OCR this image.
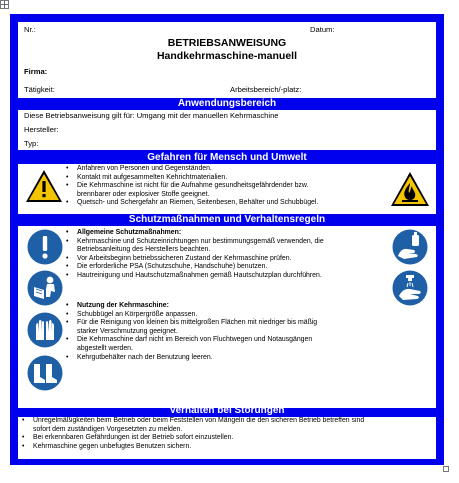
Nr.:	Datum:
BETRIEBSANWEISUNG
Handkehrmaschine-manuell
Firma:
Tätigkeit:	Arbeitsbereich/-platz:
Anwendungsbereich
Diese Betriebsanweisung gilt für: Umgang mit der manuellen Kehrmaschine
Hersteller:
Typ:
Gefahren für Mensch und Umwelt
• Anfahren von Personen und Gegenständen.
• Kontakt mit aufgesammelten Kehrichtmaterialien.
• Die Kehrmaschine ist nicht für die Aufnahme gesundheitsgefährdender bzw.
brennbarer oder explosiver Stoffe geeignet.
• Quetsch- und Schergefahr an Riemen, Seitenbesen, Behälter und Schubbügel.
Schutzmaßnahmen und Verhaltensregeln
• Allgemeine Schutzmaßnahmen:
• Kehrmaschine und Schutzeinrichtungen nur bestimmungsgemäß verwenden, die
Betriebsanleitung des Herstellers beachten.
• Vor Arbeitsbeginn betriebssicheren Zustand der Kehrmaschine prüfen.
• Die erforderliche PSA (Schutzschuhe, Handschuhe) benutzen.
• Hautreinigung und Hautschutzmaßnahmen gemäß Hautschutzplan durchführen.
• Nutzung der Kehrmaschine:
• Schubbügel an Körpergröße anpassen.
• Für die Reinigung von kleinen bis mittelgroßen Flächen mit niedriger bis mäßig
starker Verschmutzung geeignet.
• Die Kehrmaschine darf nicht im Bereich von Fluchtwegen und Notausgängen
abgestellt werden.
• Kehrgutbehälter nach der Benutzung leeren.
Verhalten bei Störungen
• Unregelmäßigkeiten beim Betrieb oder beim Feststellen von Mängeln die den sicheren Betrieb betreffen sind
sofort dem zuständigen Vorgesetzten zu melden.
• Bei erkennbaren Gefährdungen ist der Betrieb sofort einzustellen.
• Kehrmaschine gegen unbefugtes Benutzen sichern.
